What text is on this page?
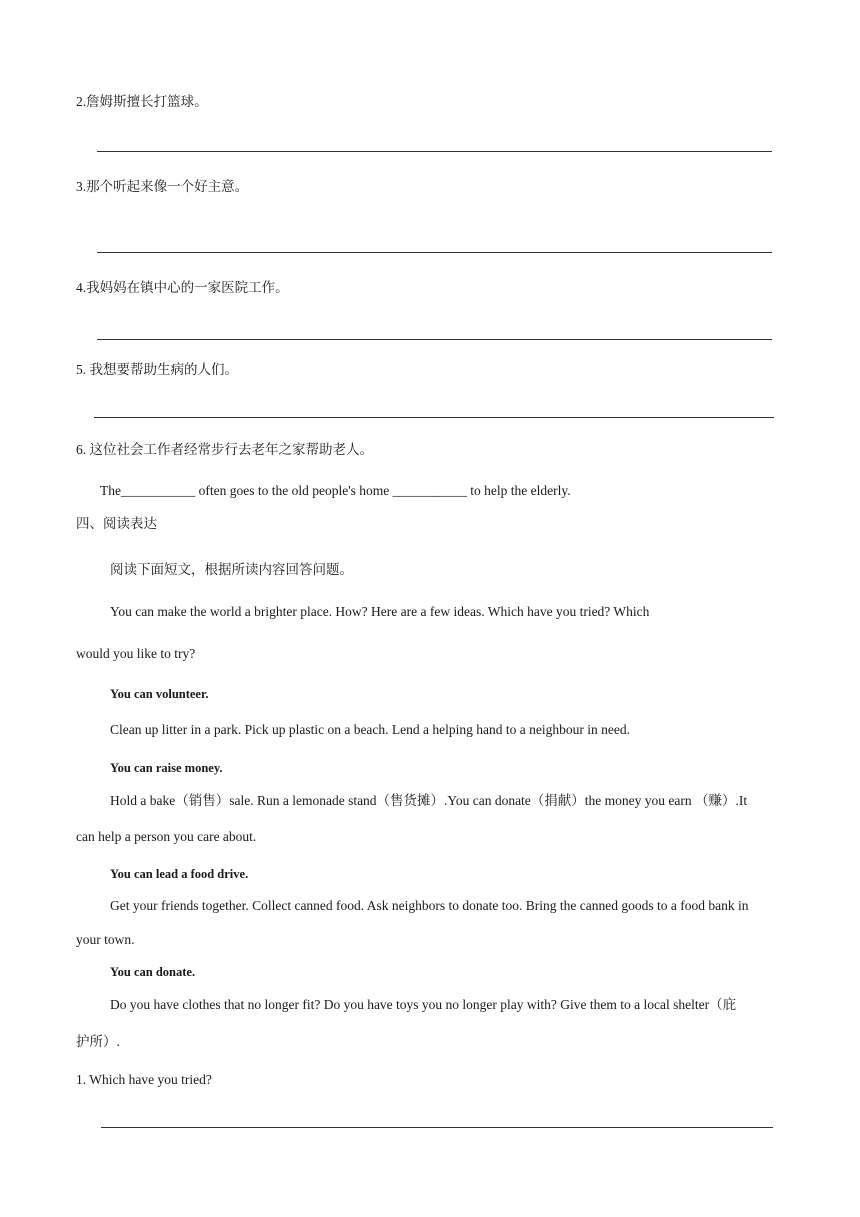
2.詹姆斯擅长打篮球。
3.那个听起来像一个好主意。
4.我妈妈在镇中心的一家医院工作。
5. 我想要帮助生病的人们。
6. 这位社会工作者经常步行去老年之家帮助老人。
The___________ often goes to the old people's home ___________ to help the elderly.
四、阅读表达
阅读下面短文，根据所读内容回答问题。
You can make the world a brighter place. How? Here are a few ideas. Which have you tried? Which
would you like to try?
You can volunteer.
Clean up litter in a park. Pick up plastic on a beach. Lend a helping hand to a neighbour in need.
You can raise money.
Hold a bake（销售）sale. Run a lemonade stand（售货摊）.You can donate（捐献）the money you earn （赚）.It
can help a person you care about.
You can lead a food drive.
Get your friends together. Collect canned food. Ask neighbors to donate too. Bring the canned goods to a food bank in
your town.
You can donate.
Do you have clothes that no longer fit? Do you have toys you no longer play with? Give them to a local shelter（庇
护所）.
1. Which have you tried?
